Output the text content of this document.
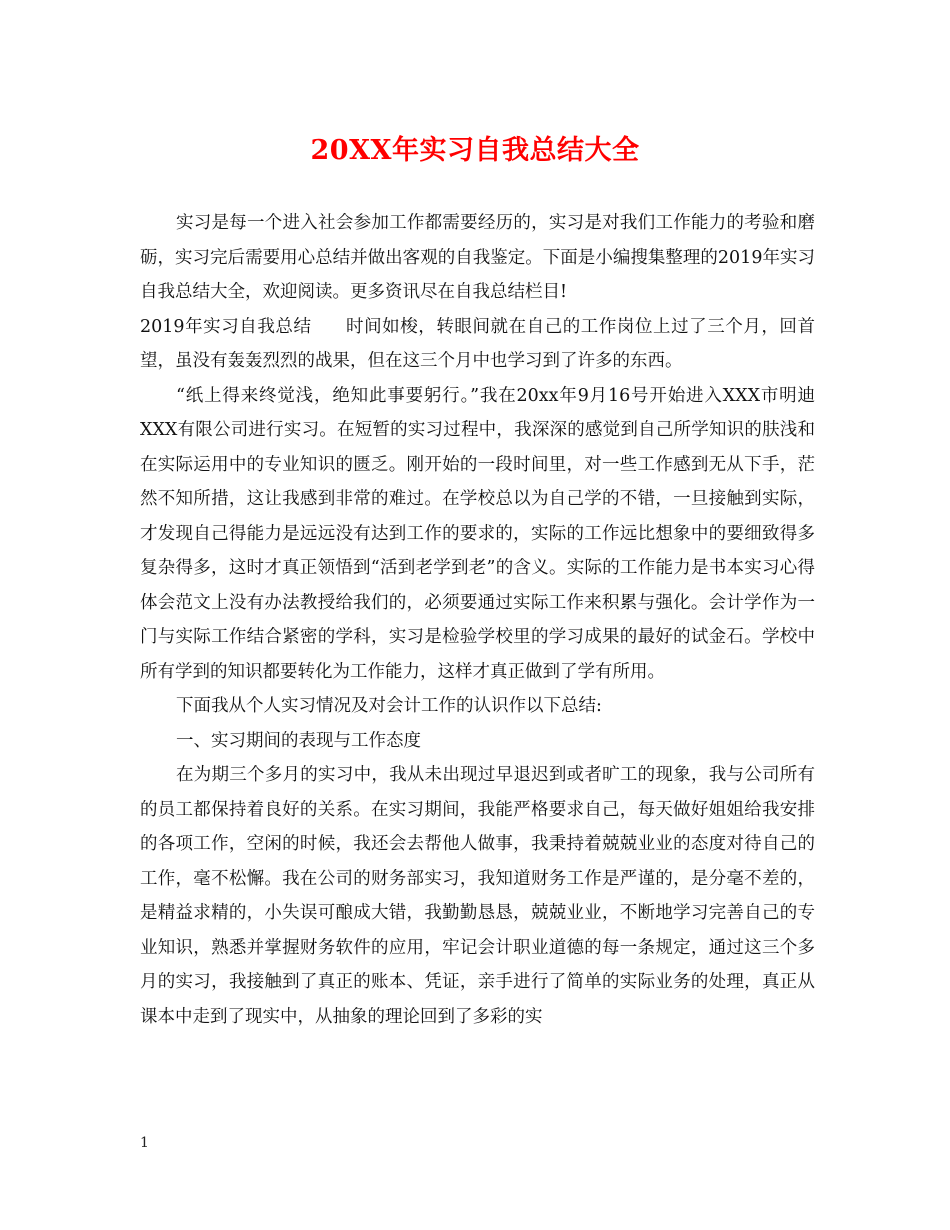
20XX年实习自我总结大全

实习是每一个进入社会参加工作都需要经历的，实习是对我们工作能力的考验和磨砺，实习完后需要用心总结并做出客观的自我鉴定。下面是小编搜集整理的2019年实习自我总结大全，欢迎阅读。更多资讯尽在自我总结栏目!

2019年实习自我总结 时间如梭，转眼间就在自己的工作岗位上过了三个月，回首望，虽没有轰轰烈烈的战果，但在这三个月中也学习到了许多的东西。

“纸上得来终觉浅，绝知此事要躬行。”我在20xx年9月16号开始进入XXX市明迪XXX有限公司进行实习。在短暂的实习过程中，我深深的感觉到自己所学知识的肤浅和在实际运用中的专业知识的匮乏。刚开始的一段时间里，对一些工作感到无从下手，茫然不知所措，这让我感到非常的难过。在学校总以为自己学的不错，一旦接触到实际，才发现自己得能力是远远没有达到工作的要求的，实际的工作远比想象中的要细致得多复杂得多，这时才真正领悟到“活到老学到老”的含义。实际的工作能力是书本实习心得体会范文上没有办法教授给我们的，必须要通过实际工作来积累与强化。会计学作为一门与实际工作结合紧密的学科，实习是检验学校里的学习成果的最好的试金石。学校中所有学到的知识都要转化为工作能力，这样才真正做到了学有所用。

下面我从个人实习情况及对会计工作的认识作以下总结:

一、实习期间的表现与工作态度

在为期三个多月的实习中，我从未出现过早退迟到或者旷工的现象，我与公司所有的员工都保持着良好的关系。在实习期间，我能严格要求自己，每天做好姐姐给我安排的各项工作，空闲的时候，我还会去帮他人做事，我秉持着兢兢业业的态度对待自己的工作，毫不松懈。我在公司的财务部实习，我知道财务工作是严谨的，是分毫不差的，是精益求精的，小失误可酿成大错，我勤勤恳恳，兢兢业业，不断地学习完善自己的专业知识，熟悉并掌握财务软件的应用，牢记会计职业道德的每一条规定，通过这三个多月的实习，我接触到了真正的账本、凭证，亲手进行了简单的实际业务的处理，真正从课本中走到了现实中，从抽象的理论回到了多彩的实

1
